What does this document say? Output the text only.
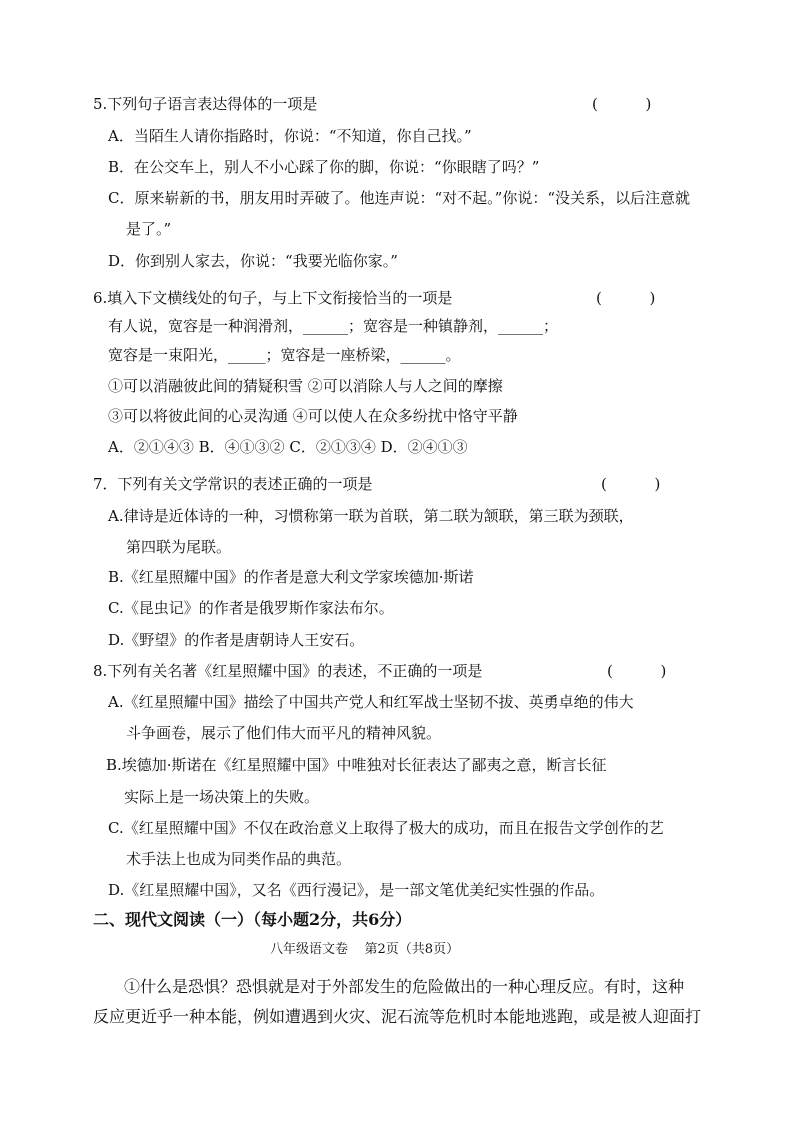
5.下列句子语言表达得体的一项是	(          )
A．当陌生人请你指路时，你说：“不知道，你自己找。”
B．在公交车上，别人不小心踩了你的脚，你说：“你眼瞎了吗？”
C．原来崭新的书，朋友用时弄破了。他连声说：“对不起。”你说：“没关系，以后注意就
是了。”
D．你到别人家去，你说：“我要光临你家。”
6.填入下文横线处的句子，与上下文衔接恰当的一项是	(          )
有人说，宽容是一种润滑剂，______；宽容是一种镇静剂，______；
宽容是一束阳光，_____；宽容是一座桥梁，______。
①可以消融彼此间的猜疑积雪 ②可以消除人与人之间的摩擦
③可以将彼此间的心灵沟通 ④可以使人在众多纷扰中恪守平静
A．②①④③ B．④①③② C．②①③④ D．②④①③
7．下列有关文学常识的表述正确的一项是	(          )
A.律诗是近体诗的一种，习惯称第一联为首联，第二联为颔联，第三联为颈联，
第四联为尾联。
B.《红星照耀中国》的作者是意大利文学家埃德加·斯诺
C.《昆虫记》的作者是俄罗斯作家法布尔。
D.《野望》的作者是唐朝诗人王安石。
8.下列有关名著《红星照耀中国》的表述，不正确的一项是	(          )
A.《红星照耀中国》描绘了中国共产党人和红军战士坚韧不拔、英勇卓绝的伟大
斗争画卷，展示了他们伟大而平凡的精神风貌。
B.埃德加·斯诺在《红星照耀中国》中唯独对长征表达了鄙夷之意，断言长征
实际上是一场决策上的失败。
C.《红星照耀中国》不仅在政治意义上取得了极大的成功，而且在报告文学创作的艺
术手法上也成为同类作品的典范。
D.《红星照耀中国》，又名《西行漫记》，是一部文笔优美纪实性强的作品。
二、现代文阅读（一）（每小题2分，共6分）
八年级语文卷    第2页（共8页）
①什么是恐惧？恐惧就是对于外部发生的危险做出的一种心理反应。有时，这种
反应更近乎一种本能，例如遭遇到火灾、泥石流等危机时本能地逃跑，或是被人迎面打
